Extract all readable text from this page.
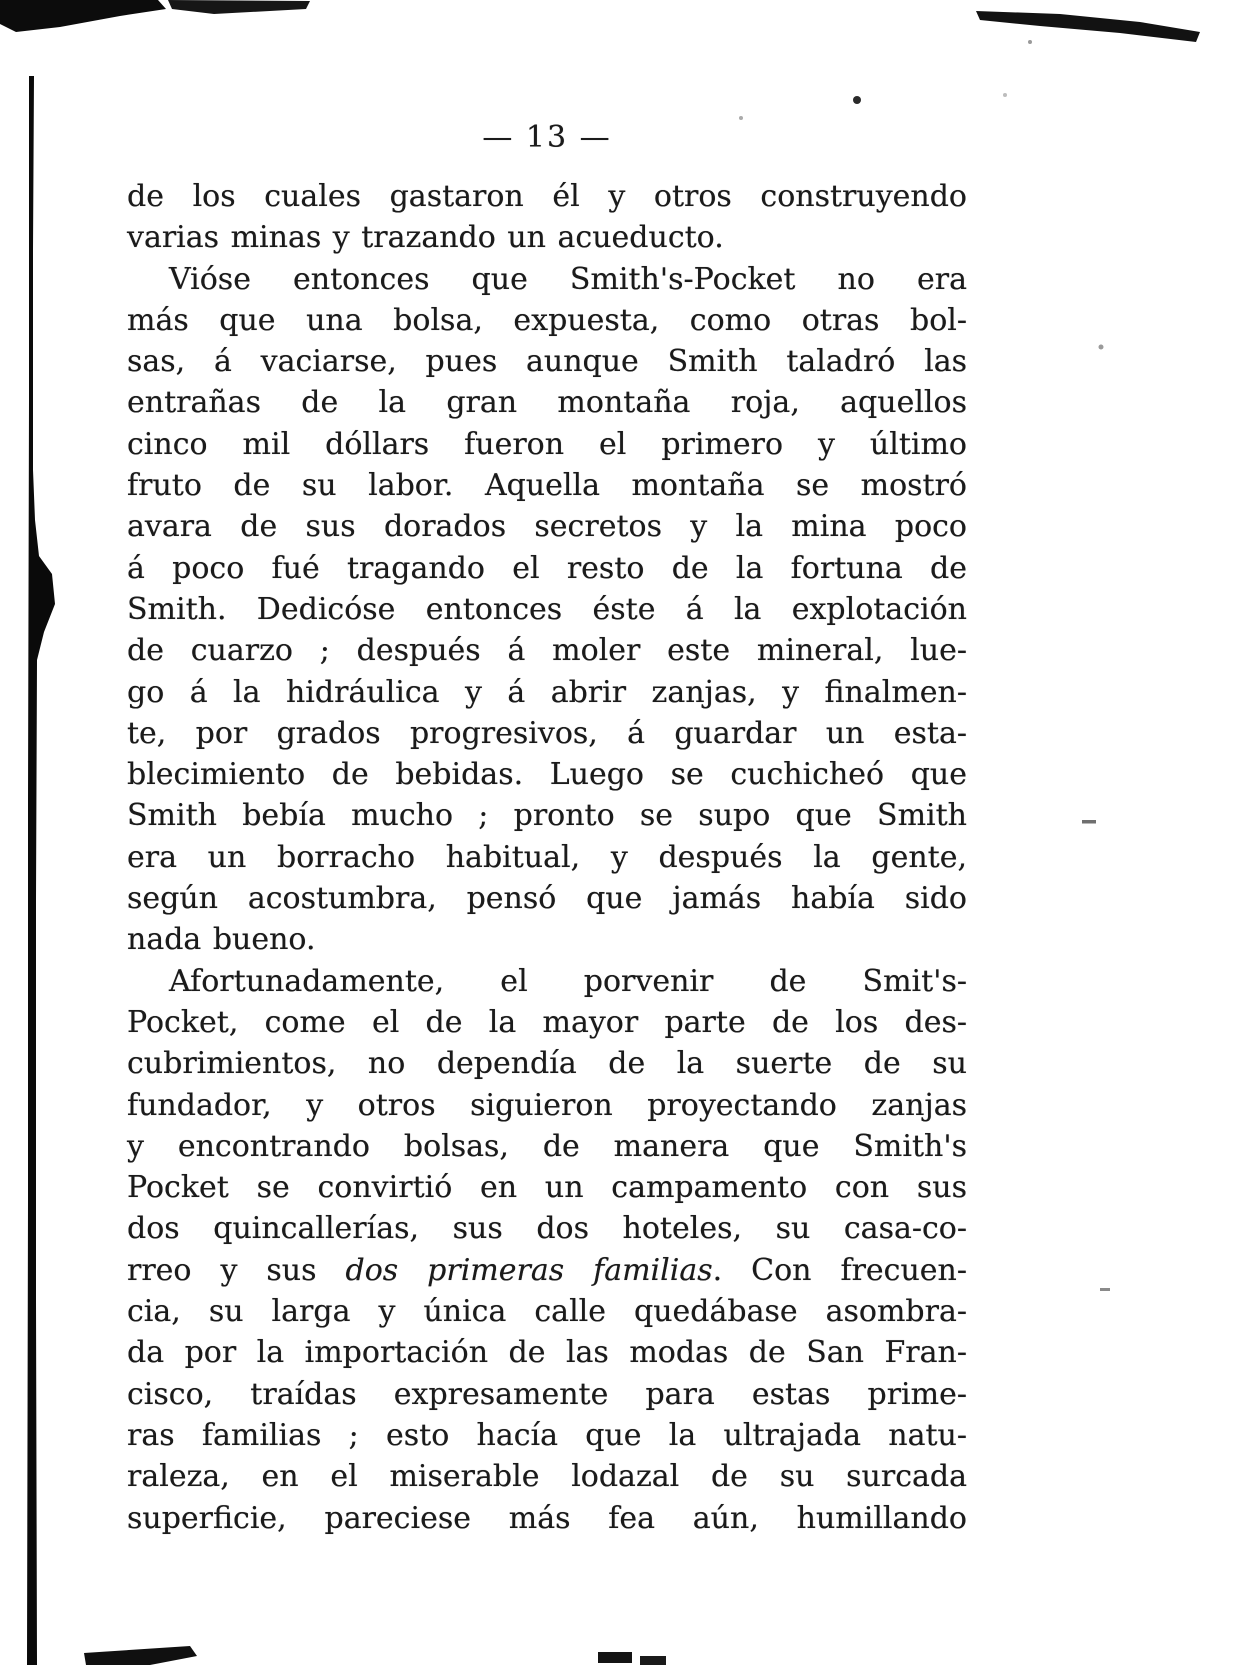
— 13 —
de los cuales gastaron él y otros construyendo
varias minas y trazando un acueducto.
Vióse entonces que Smith's-Pocket no era
más que una bolsa, expuesta, como otras bol-
sas, á vaciarse, pues aunque Smith taladró las
entrañas de la gran montaña roja, aquellos
cinco mil dóllars fueron el primero y último
fruto de su labor. Aquella montaña se mostró
avara de sus dorados secretos y la mina poco
á poco fué tragando el resto de la fortuna de
Smith. Dedicóse entonces éste á la explotación
de cuarzo ; después á moler este mineral, lue-
go á la hidráulica y á abrir zanjas, y finalmen-
te, por grados progresivos, á guardar un esta-
blecimiento de bebidas. Luego se cuchicheó que
Smith bebía mucho ; pronto se supo que Smith
era un borracho habitual, y después la gente,
según acostumbra, pensó que jamás había sido
nada bueno.
Afortunadamente, el porvenir de Smit's-
Pocket, come el de la mayor parte de los des-
cubrimientos, no dependía de la suerte de su
fundador, y otros siguieron proyectando zanjas
y encontrando bolsas, de manera que Smith's
Pocket se convirtió en un campamento con sus
dos quincallerías, sus dos hoteles, su casa-co-
rreo y sus dos primeras familias. Con frecuen-
cia, su larga y única calle quedábase asombra-
da por la importación de las modas de San Fran-
cisco, traídas expresamente para estas prime-
ras familias ; esto hacía que la ultrajada natu-
raleza, en el miserable lodazal de su surcada
superficie, pareciese más fea aún, humillando
